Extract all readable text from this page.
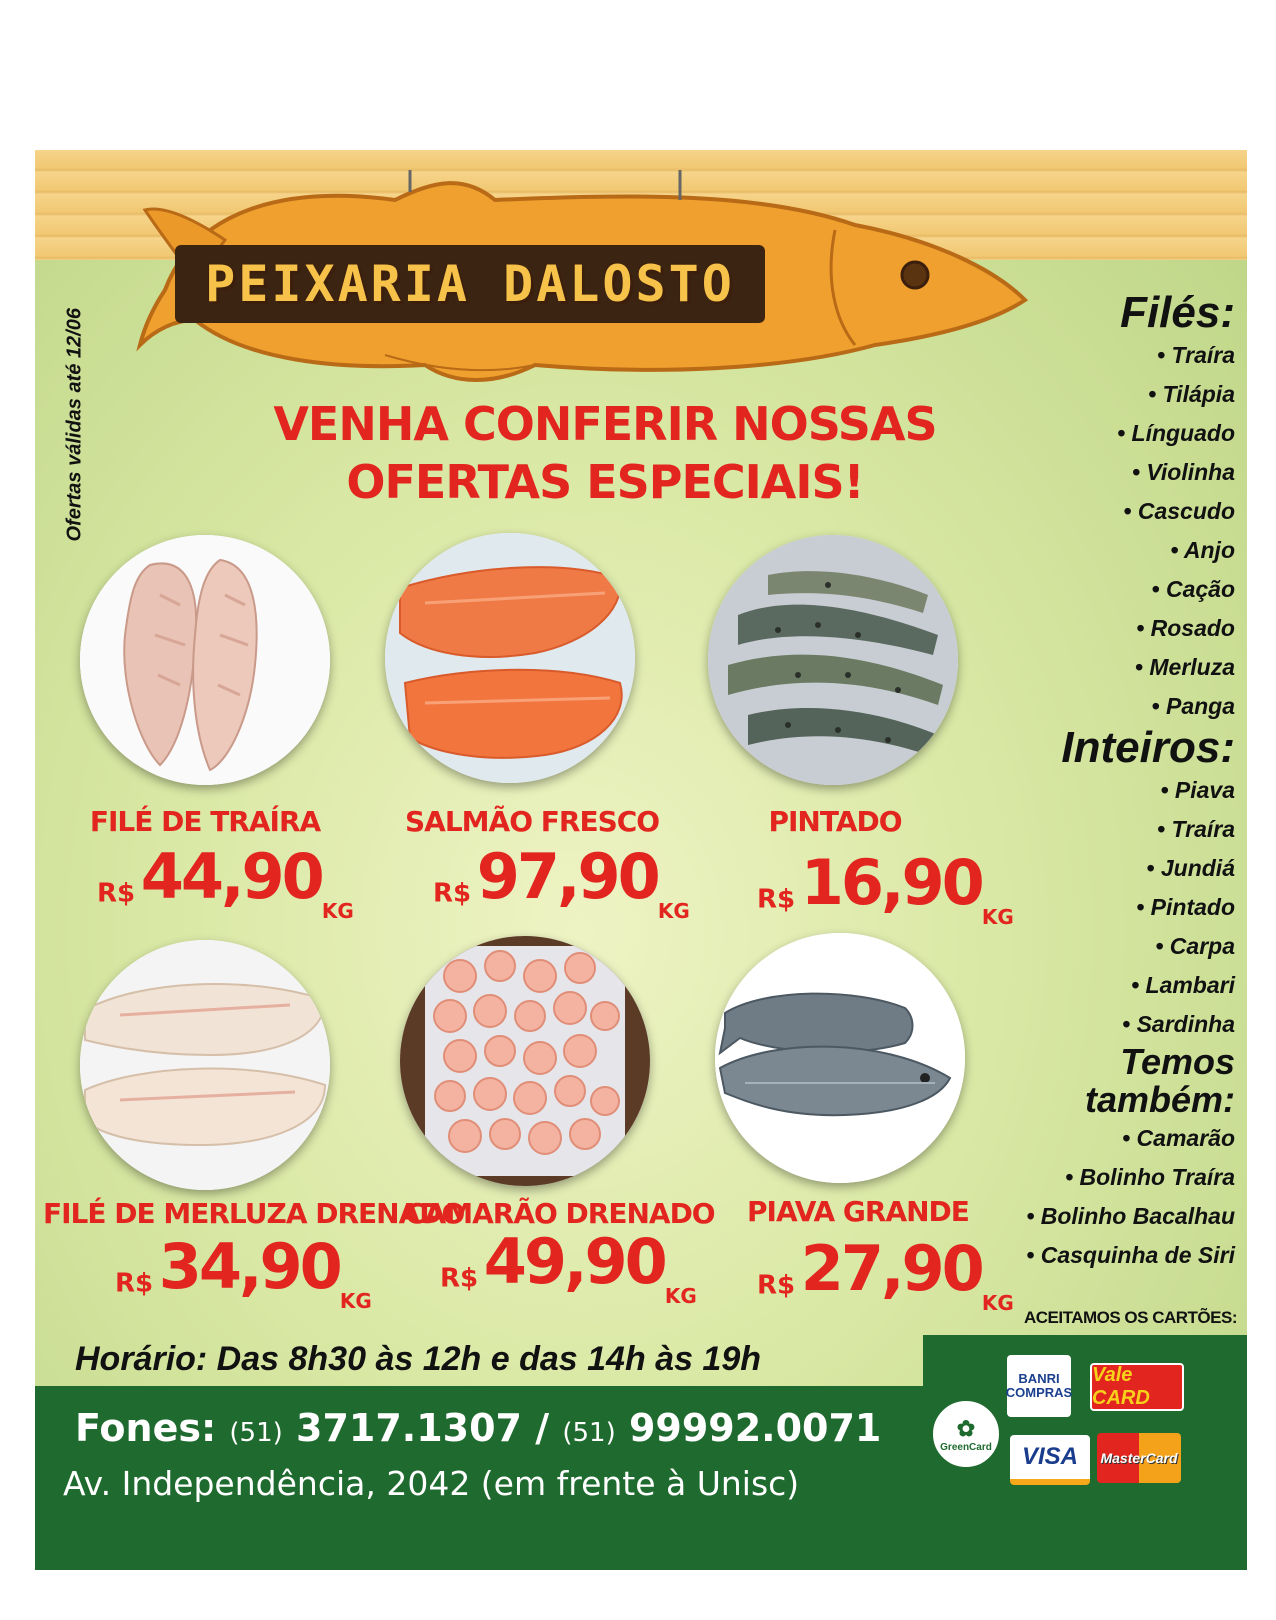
PEIXARIA DALOSTO
Ofertas válidas até 12/06	VENHA CONFERIR NOSSAS
OFERTAS ESPECIAIS!
FILÉ DE TRAÍRA
R$ 44,90KG
SALMÃO FRESCO
R$ 97,90KG
PINTADO
R$ 16,90KG
FILÉ DE MERLUZA DRENADO
R$ 34,90KG
CAMARÃO DRENADO
R$ 49,90KG
PIAVA GRANDE
R$ 27,90KG
Filés:
• Traíra
• Tilápia
• Línguado
• Violinha
• Cascudo
• Anjo
• Cação
• Rosado
• Merluza
• Panga
Inteiros:
• Piava
• Traíra
• Jundiá
• Pintado
• Carpa
• Lambari
• Sardinha
Temos
também:
• Camarão
• Bolinho Traíra
• Bolinho Bacalhau
• Casquinha de Siri
ACEITAMOS OS CARTÕES:
Horário: Das 8h30 às 12h e das 14h às 19h
Fones: (51) 3717.1307 / (51) 99992.0071
Av. Independência, 2042 (em frente à Unisc)
✿
GreenCard
BANRI COMPRAS
Vale CARD
VISA	MasterCard
